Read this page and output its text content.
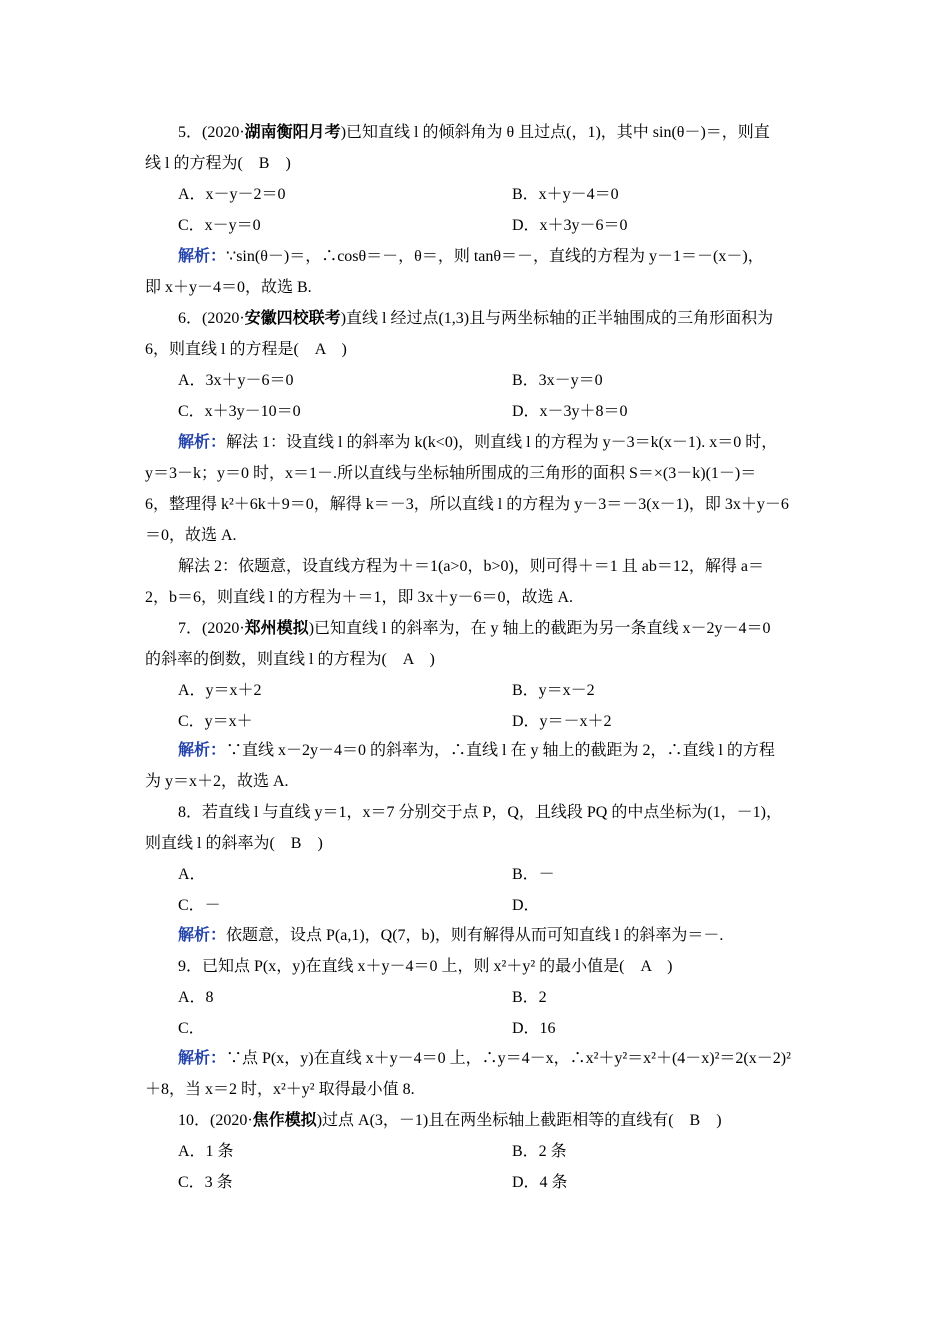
5．(2020·湖南衡阳月考)已知直线 l 的倾斜角为 θ 且过点(，1)，其中 sin(θ－)＝，则直
线 l 的方程为(　B　)
A．x－y－2＝0	B．x＋y－4＝0
C．x－y＝0	D．x＋3y－6＝0
解析：∵sin(θ－)＝，∴cosθ＝－，θ＝，则 tanθ＝－，直线的方程为 y－1＝－(x－)，
即 x＋y－4＝0，故选 B.
6．(2020·安徽四校联考)直线 l 经过点(1,3)且与两坐标轴的正半轴围成的三角形面积为
6，则直线 l 的方程是(　A　)
A．3x＋y－6＝0	B．3x－y＝0
C．x＋3y－10＝0	D．x－3y＋8＝0
解析：解法 1：设直线 l 的斜率为 k(k<0)，则直线 l 的方程为 y－3＝k(x－1). x＝0 时，
y＝3－k；y＝0 时，x＝1－.所以直线与坐标轴所围成的三角形的面积 S＝×(3－k)(1－)＝
6，整理得 k²＋6k＋9＝0，解得 k＝－3，所以直线 l 的方程为 y－3＝－3(x－1)，即 3x＋y－6
＝0，故选 A.
解法 2：依题意，设直线方程为＋＝1(a>0，b>0)，则可得＋＝1 且 ab＝12，解得 a＝
2，b＝6，则直线 l 的方程为＋＝1，即 3x＋y－6＝0，故选 A.
7．(2020·郑州模拟)已知直线 l 的斜率为，在 y 轴上的截距为另一条直线 x－2y－4＝0
的斜率的倒数，则直线 l 的方程为(　A　)
A．y＝x＋2	B．y＝x－2
C．y＝x＋	D．y＝－x＋2
解析：∵直线 x－2y－4＝0 的斜率为，∴直线 l 在 y 轴上的截距为 2，∴直线 l 的方程
为 y＝x＋2，故选 A.
8．若直线 l 与直线 y＝1，x＝7 分别交于点 P，Q，且线段 PQ 的中点坐标为(1，－1)，
则直线 l 的斜率为(　B　)
A．	B．－
C．－	D．
解析：依题意，设点 P(a,1)，Q(7，b)，则有解得从而可知直线 l 的斜率为＝－.
9．已知点 P(x，y)在直线 x＋y－4＝0 上，则 x²＋y² 的最小值是(　A　)
A．8	B．2
C．	D．16
解析：∵点 P(x，y)在直线 x＋y－4＝0 上，∴y＝4－x，∴x²＋y²＝x²＋(4－x)²＝2(x－2)²
＋8，当 x＝2 时，x²＋y² 取得最小值 8.
10．(2020·焦作模拟)过点 A(3，－1)且在两坐标轴上截距相等的直线有(　B　)
A．1 条	B．2 条
C．3 条	D．4 条
